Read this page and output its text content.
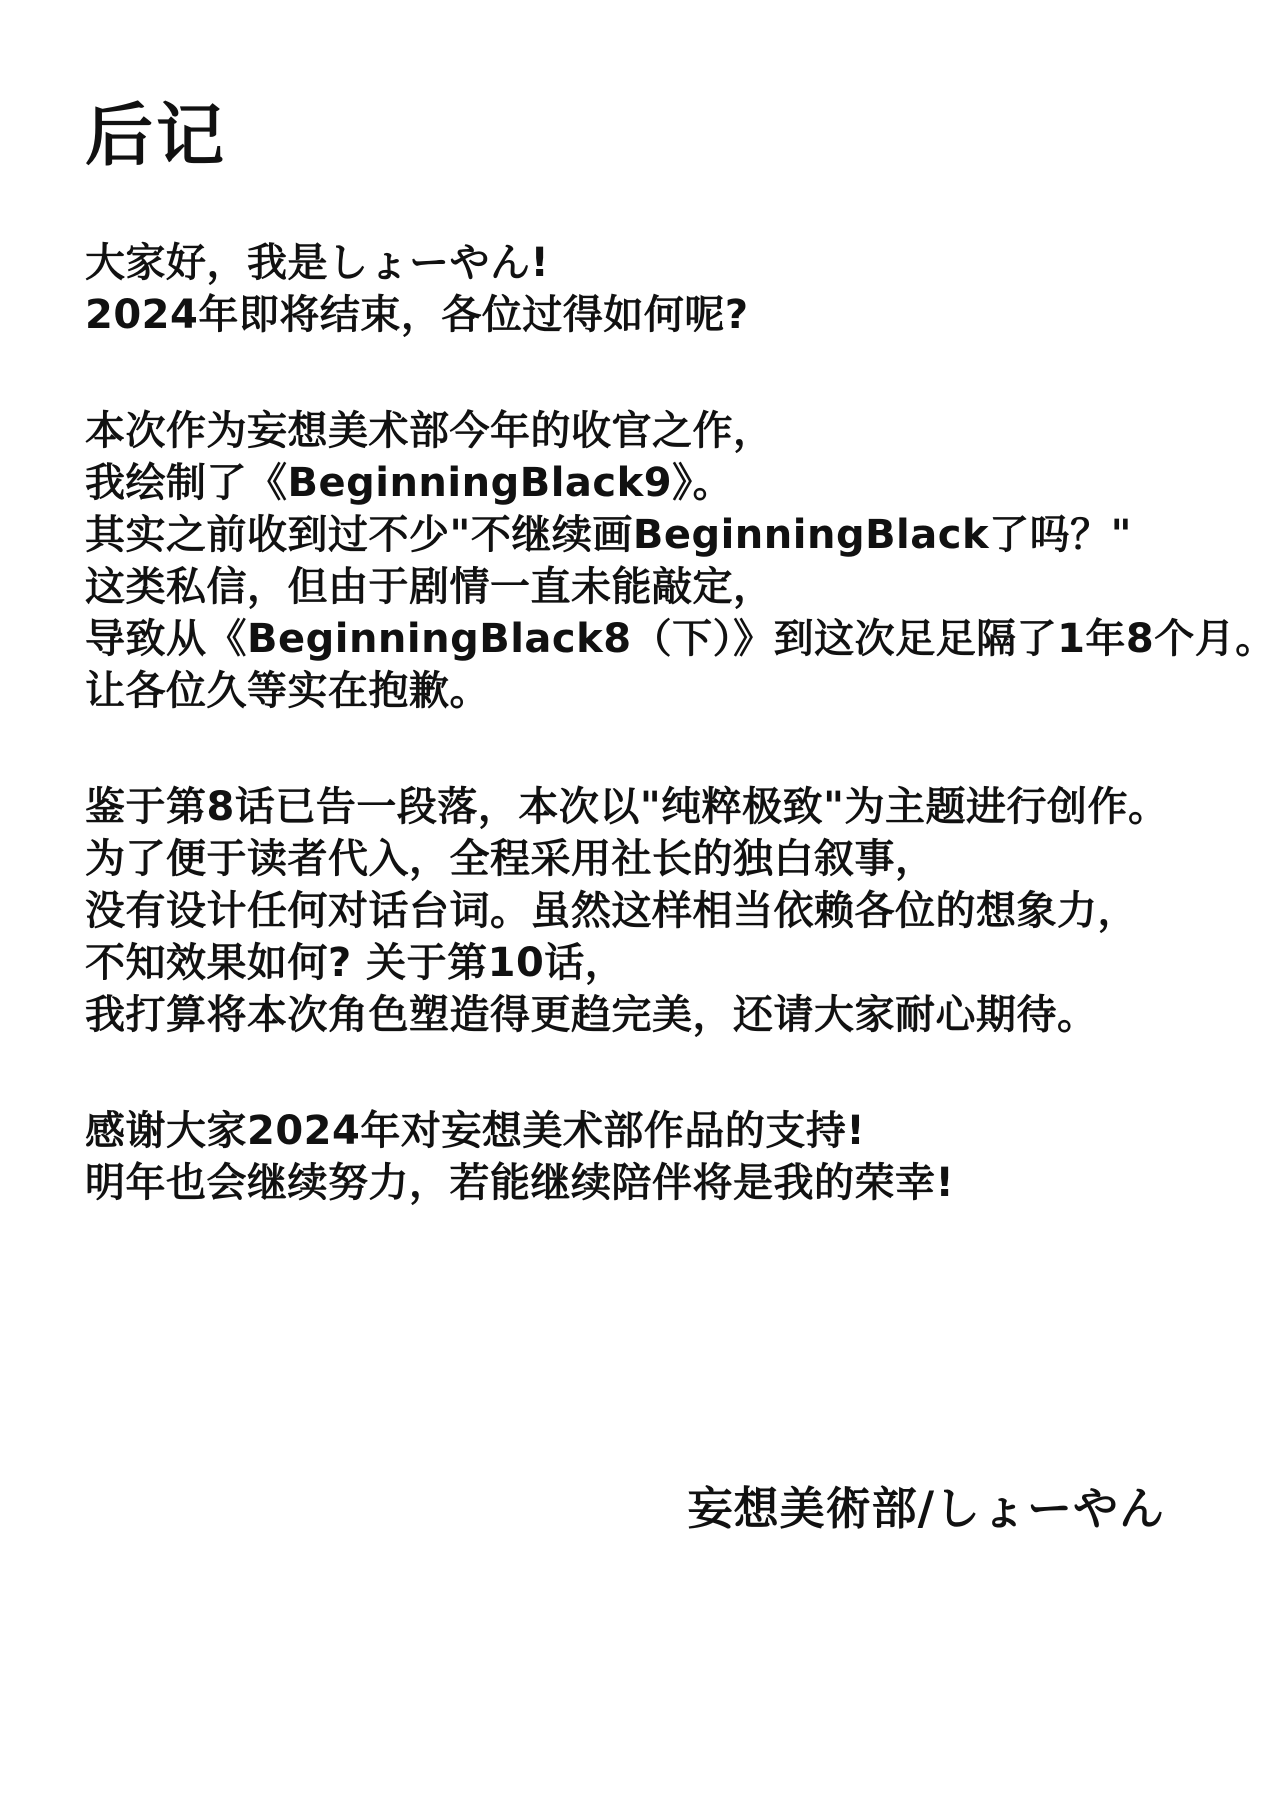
后记
大家好，我是しょーやん!
2024年即将结束，各位过得如何呢?
本次作为妄想美术部今年的收官之作，
我绘制了《BeginningBlack9》。
其实之前收到过不少"不继续画BeginningBlack了吗？"
这类私信，但由于剧情一直未能敲定，
导致从《BeginningBlack8（下）》到这次足足隔了1年8个月。
让各位久等实在抱歉。
鉴于第8话已告一段落，本次以"纯粹极致"为主题进行创作。
为了便于读者代入，全程采用社长的独白叙事，
没有设计任何对话台词。虽然这样相当依赖各位的想象力，
不知效果如何? 关于第10话，
我打算将本次角色塑造得更趋完美，还请大家耐心期待。
感谢大家2024年对妄想美术部作品的支持!
明年也会继续努力，若能继续陪伴将是我的荣幸!
妄想美術部/しょーやん
